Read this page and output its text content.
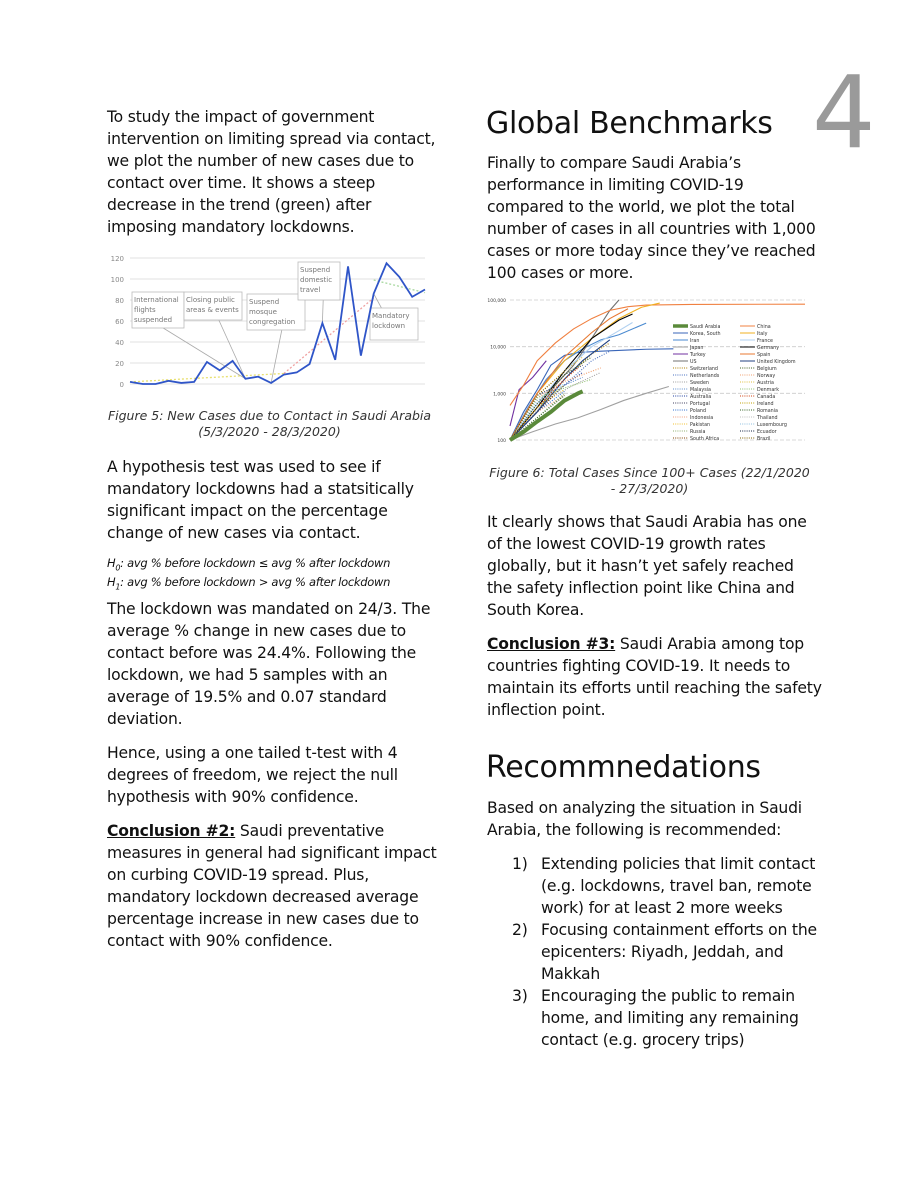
4
To study the impact of government intervention on limiting spread via contact, we plot the number of new cases due to contact over time. It shows a steep decrease in the trend (green) after imposing mandatory lockdowns.
0
20
40
60
80
100
120
International
flights
suspended
Closing public
areas & events
Suspend
mosque
congregation
Suspend
domestic
travel
Mandatory
lockdown
Figure 5: New Cases due to Contact in Saudi Arabia (5/3/2020 - 28/3/2020)
A hypothesis test was used to see if mandatory lockdowns had a statsitically significant impact on the percentage change of new cases via contact.
$H_0$: avg % before lockdown ≤ avg % after lockdown
$H_1$: avg % before lockdown > avg % after lockdown
The lockdown was mandated on 24/3. The average % change in new cases due to contact before was 24.4%. Following the lockdown, we had 5 samples with an average of 19.5% and 0.07 standard deviation.
Hence, using a one tailed t-test with 4 degrees of freedom, we reject the null hypothesis with 90% confidence.
Conclusion #2: Saudi preventative measures in general had significant impact on curbing COVID-19 spread. Plus, mandatory lockdown decreased average percentage increase in new cases due to contact with 90% confidence.
Global Benchmarks
Finally to compare Saudi Arabia’s performance in limiting COVID-19 compared to the world, we plot the total number of cases in all countries with 1,000 cases or more today since they’ve reached 100 cases or more.
100
1,000
10,000
100,000
Saudi Arabia
Korea, South
Iran
Japan
Turkey
US
Switzerland
Netherlands
Sweden
Malaysia
Australia
Portugal
Poland
Indonesia
Pakistan
Russia
South Africa
China
Italy
France
Germany
Spain
United Kingdom
Belgium
Norway
Austria
Denmark
Canada
Ireland
Romania
Thailand
Luxembourg
Ecuador
Brazil
Figure 6: Total Cases Since 100+ Cases (22/1/2020 - 27/3/2020)
It clearly shows that Saudi Arabia has one of the lowest COVID-19 growth rates globally, but it hasn’t yet safely reached the safety inflection point like China and South Korea.
Conclusion #3: Saudi Arabia among top countries fighting COVID-19. It needs to maintain its efforts until reaching the safety inflection point.
Recommnedations
Based on analyzing the situation in Saudi Arabia, the following is recommended:
1) Extending policies that limit contact (e.g. lockdowns, travel ban, remote work) for at least 2 more weeks
2) Focusing containment efforts on the epicenters: Riyadh, Jeddah, and Makkah
3) Encouraging the public to remain home, and limiting any remaining contact (e.g. grocery trips)
